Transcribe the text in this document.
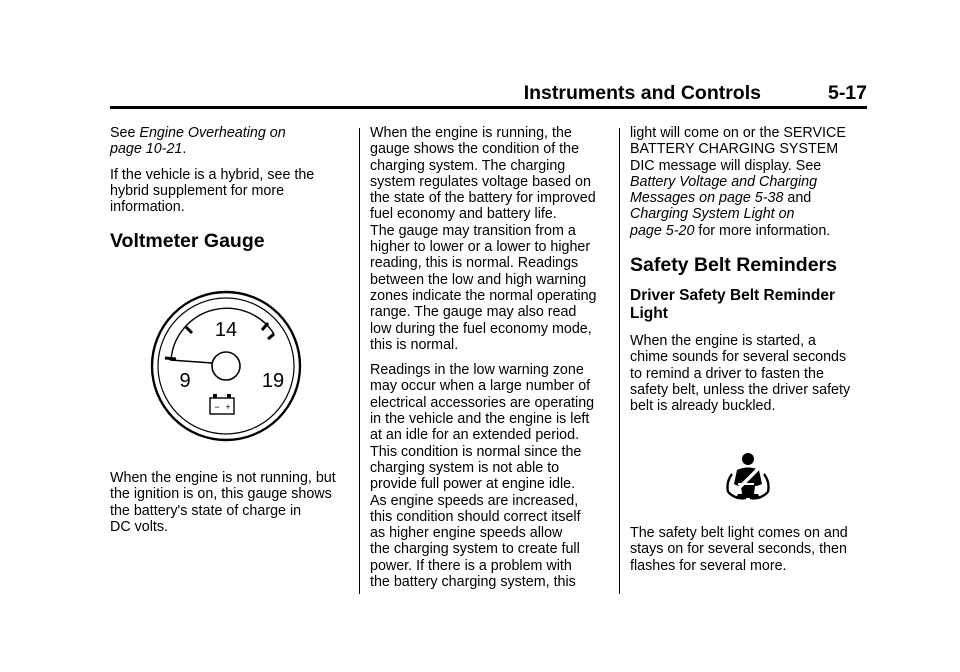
Instruments and Controls	5-17

See Engine Overheating on
page 10-21.

If the vehicle is a hybrid, see the
hybrid supplement for more
information.

Voltmeter Gauge
14
9	19
− +

When the engine is not running, but
the ignition is on, this gauge shows
the battery's state of charge in
DC volts.

When the engine is running, the
gauge shows the condition of the
charging system. The charging
system regulates voltage based on
the state of the battery for improved
fuel economy and battery life.
The gauge may transition from a
higher to lower or a lower to higher
reading, this is normal. Readings
between the low and high warning
zones indicate the normal operating
range. The gauge may also read
low during the fuel economy mode,
this is normal.

Readings in the low warning zone
may occur when a large number of
electrical accessories are operating
in the vehicle and the engine is left
at an idle for an extended period.
This condition is normal since the
charging system is not able to
provide full power at engine idle.
As engine speeds are increased,
this condition should correct itself
as higher engine speeds allow
the charging system to create full
power. If there is a problem with
the battery charging system, this

light will come on or the SERVICE
BATTERY CHARGING SYSTEM
DIC message will display. See
Battery Voltage and Charging
Messages on page 5-38 and
Charging System Light on
page 5-20 for more information.

Safety Belt Reminders
Driver Safety Belt Reminder
Light

When the engine is started, a
chime sounds for several seconds
to remind a driver to fasten the
safety belt, unless the driver safety
belt is already buckled.

The safety belt light comes on and
stays on for several seconds, then
flashes for several more.
